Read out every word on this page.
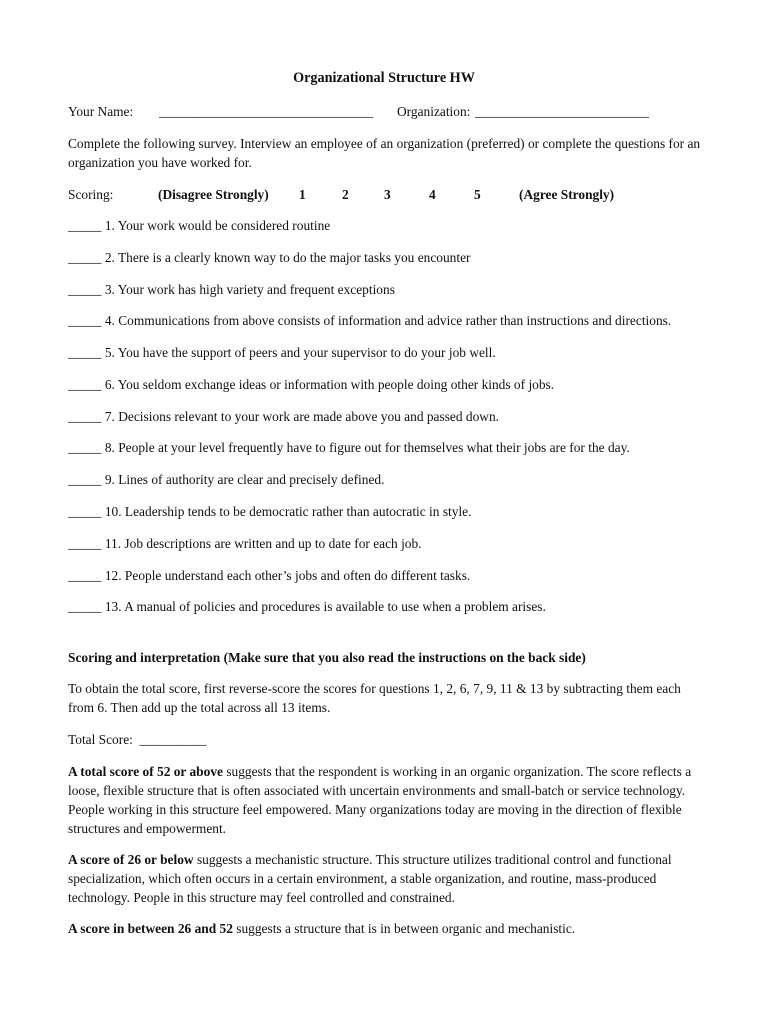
Organizational Structure HW
Your Name: ________________________________ Organization: __________________________
Complete the following survey. Interview an employee of an organization (preferred) or complete the questions for an organization you have worked for.
Scoring:	(Disagree Strongly) 1	2	3	4	5	(Agree Strongly)
_____ 1. Your work would be considered routine
_____ 2. There is a clearly known way to do the major tasks you encounter
_____ 3. Your work has high variety and frequent exceptions
_____ 4. Communications from above consists of information and advice rather than instructions and directions.
_____ 5. You have the support of peers and your supervisor to do your job well.
_____ 6. You seldom exchange ideas or information with people doing other kinds of jobs.
_____ 7. Decisions relevant to your work are made above you and passed down.
_____ 8. People at your level frequently have to figure out for themselves what their jobs are for the day.
_____ 9. Lines of authority are clear and precisely defined.
_____ 10. Leadership tends to be democratic rather than autocratic in style.
_____ 11. Job descriptions are written and up to date for each job.
_____ 12. People understand each other’s jobs and often do different tasks.
_____ 13. A manual of policies and procedures is available to use when a problem arises.
Scoring and interpretation (Make sure that you also read the instructions on the back side)
To obtain the total score, first reverse-score the scores for questions 1, 2, 6, 7, 9, 11 & 13 by subtracting them each from 6. Then add up the total across all 13 items.
Total Score: __________
A total score of 52 or above suggests that the respondent is working in an organic organization. The score reflects a loose, flexible structure that is often associated with uncertain environments and small-batch or service technology. People working in this structure feel empowered. Many organizations today are moving in the direction of flexible structures and empowerment.
A score of 26 or below suggests a mechanistic structure. This structure utilizes traditional control and functional specialization, which often occurs in a certain environment, a stable organization, and routine, mass-produced technology. People in this structure may feel controlled and constrained.
A score in between 26 and 52 suggests a structure that is in between organic and mechanistic.
